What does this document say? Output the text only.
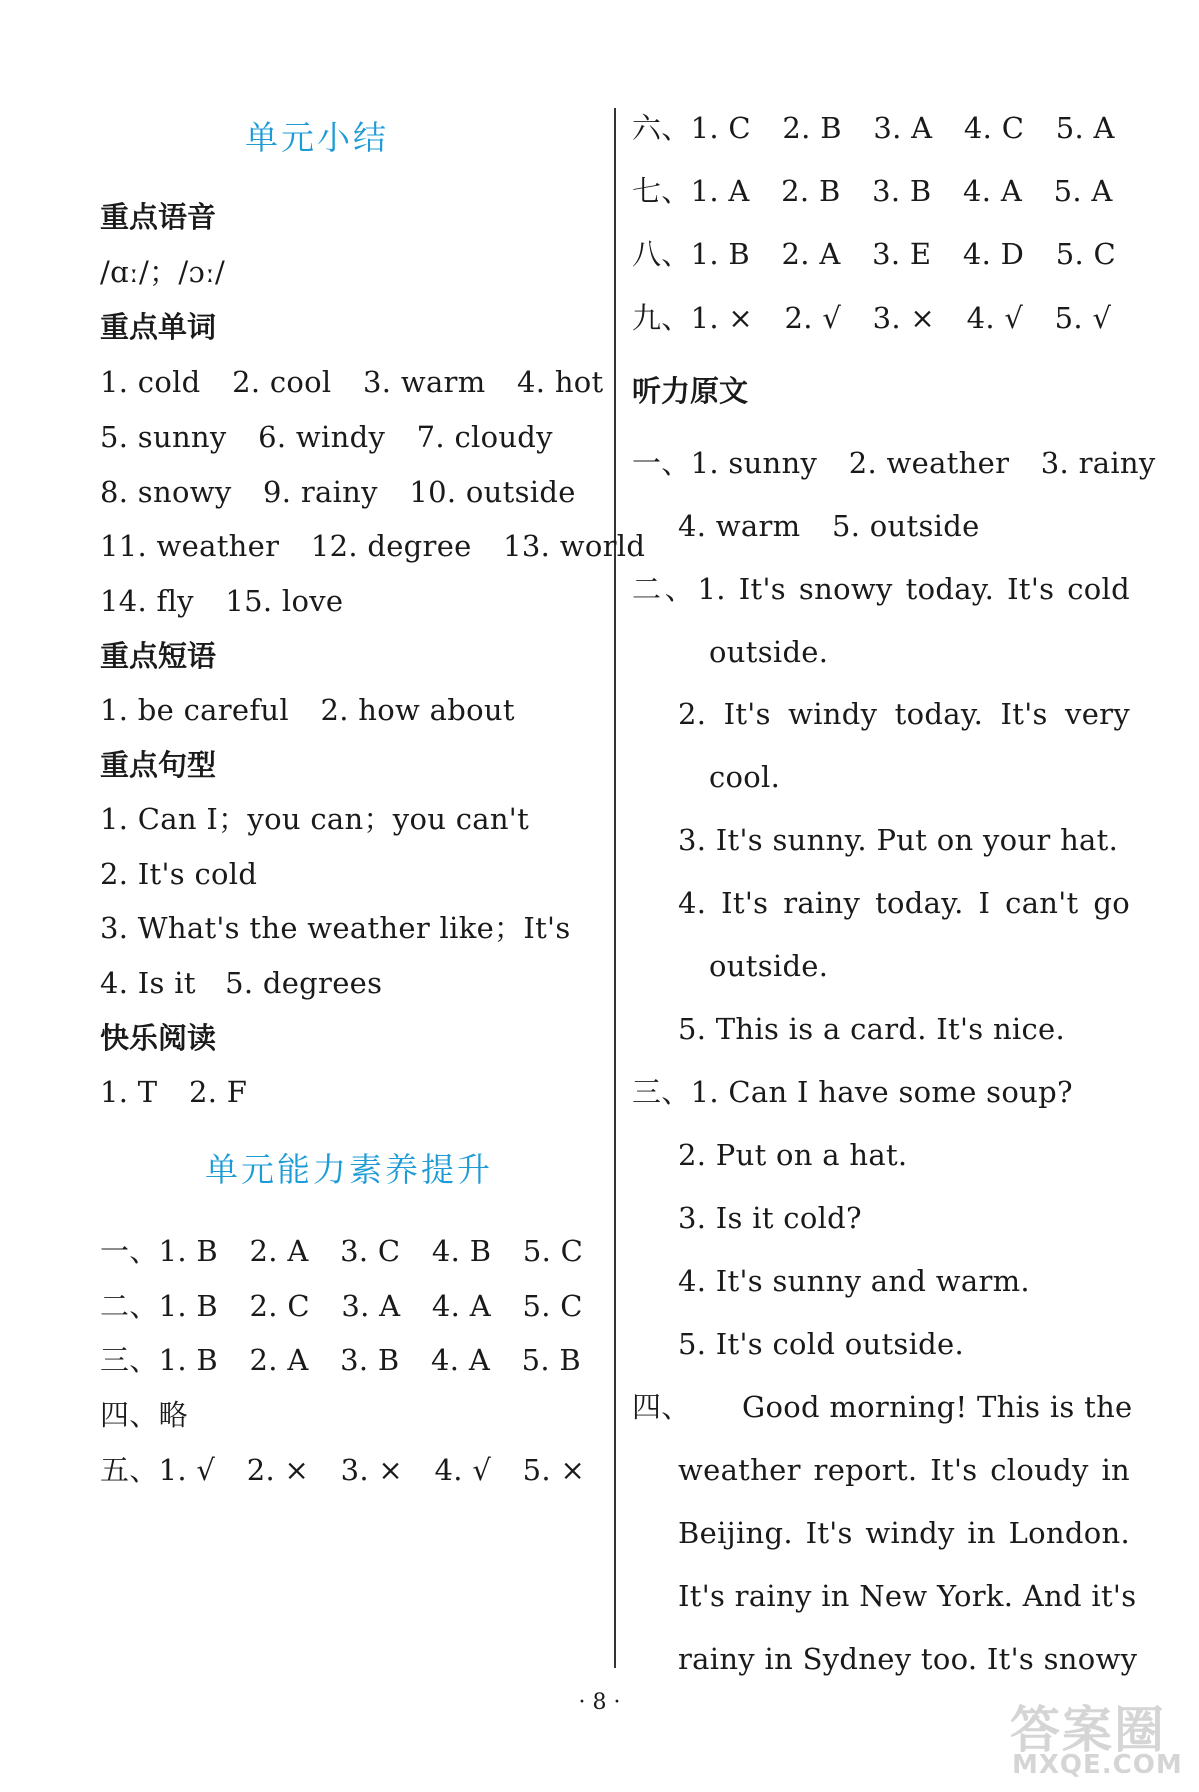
单元小结
重点语音
/ɑː/；/ɔː/
重点单词
1. cold 2. cool 3. warm 4. hot
5. sunny 6. windy 7. cloudy
8. snowy 9. rainy 10. outside
11. weather 12. degree 13. world
14. fly 15. love
重点短语
1. be careful 2. how about
重点句型
1. Can I；you can；you can't
2. It's cold
3. What's the weather like；It's
4. Is it　5. degrees
快乐阅读
1. T 2. F
单元能力素养提升
一、1. B 2. A 3. C 4. B 5. C
二、1. B 2. C 3. A 4. A 5. C
三、1. B 2. A 3. B 4. A 5. B
四、略
五、1. √ 2. × 3. × 4. √ 5. ×
六、1. C 2. B 3. A 4. C 5. A
七、1. A 2. B 3. B 4. A 5. A
八、1. B 2. A 3. E 4. D 5. C
九、1. × 2. √ 3. × 4. √ 5. √
听力原文
一、1. sunny 2. weather 3. rainy
4. warm 5. outside
二、1. It's snowy today. It's cold
outside.
2. It's windy today. It's very
cool.
3. It's sunny. Put on your hat.
4. It's rainy today. I can't go
outside.
5. This is a card. It's nice.
三、1. Can I have some soup?
2. Put on a hat.
3. Is it cold?
4. It's sunny and warm.
5. It's cold outside.
四、 Good morning! This is the
weather report. It's cloudy in
Beijing. It's windy in London.
It's rainy in New York. And it's
rainy in Sydney too. It's snowy
· 8 ·	答案圈
MXQE.COM
